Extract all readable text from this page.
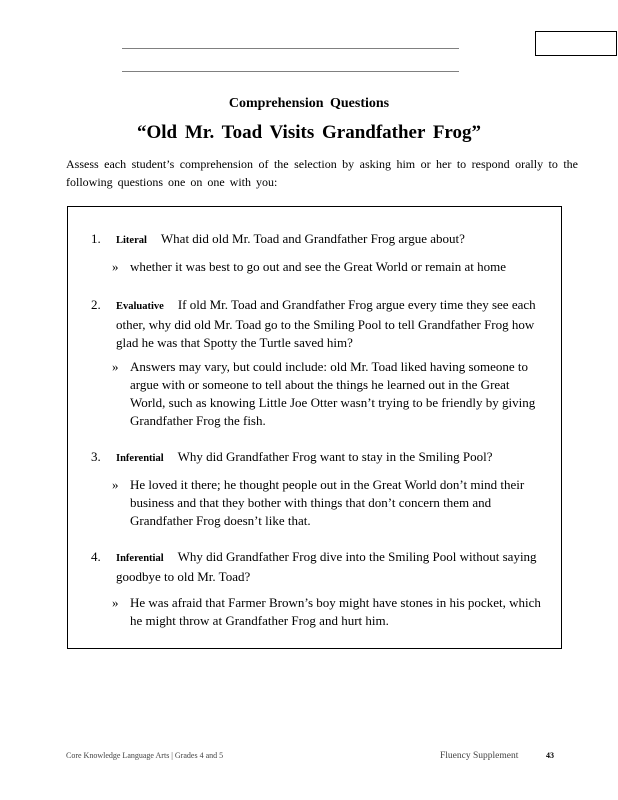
Comprehension Questions
“Old Mr. Toad Visits Grandfather Frog”
Assess each student’s comprehension of the selection by asking him or her to respond orally to the following questions one on one with you:
1. Literal What did old Mr. Toad and Grandfather Frog argue about?
» whether it was best to go out and see the Great World or remain at home
2. Evaluative If old Mr. Toad and Grandfather Frog argue every time they see each other, why did old Mr. Toad go to the Smiling Pool to tell Grandfather Frog how glad he was that Spotty the Turtle saved him?
» Answers may vary, but could include: old Mr. Toad liked having someone to argue with or someone to tell about the things he learned out in the Great World, such as knowing Little Joe Otter wasn’t trying to be friendly by giving Grandfather Frog the fish.
3. Inferential Why did Grandfather Frog want to stay in the Smiling Pool?
» He loved it there; he thought people out in the Great World don’t mind their business and that they bother with things that don’t concern them and Grandfather Frog doesn’t like that.
4. Inferential Why did Grandfather Frog dive into the Smiling Pool without saying goodbye to old Mr. Toad?
» He was afraid that Farmer Brown’s boy might have stones in his pocket, which he might throw at Grandfather Frog and hurt him.
Core Knowledge Language Arts | Grades 4 and 5	Fluency Supplement	43
